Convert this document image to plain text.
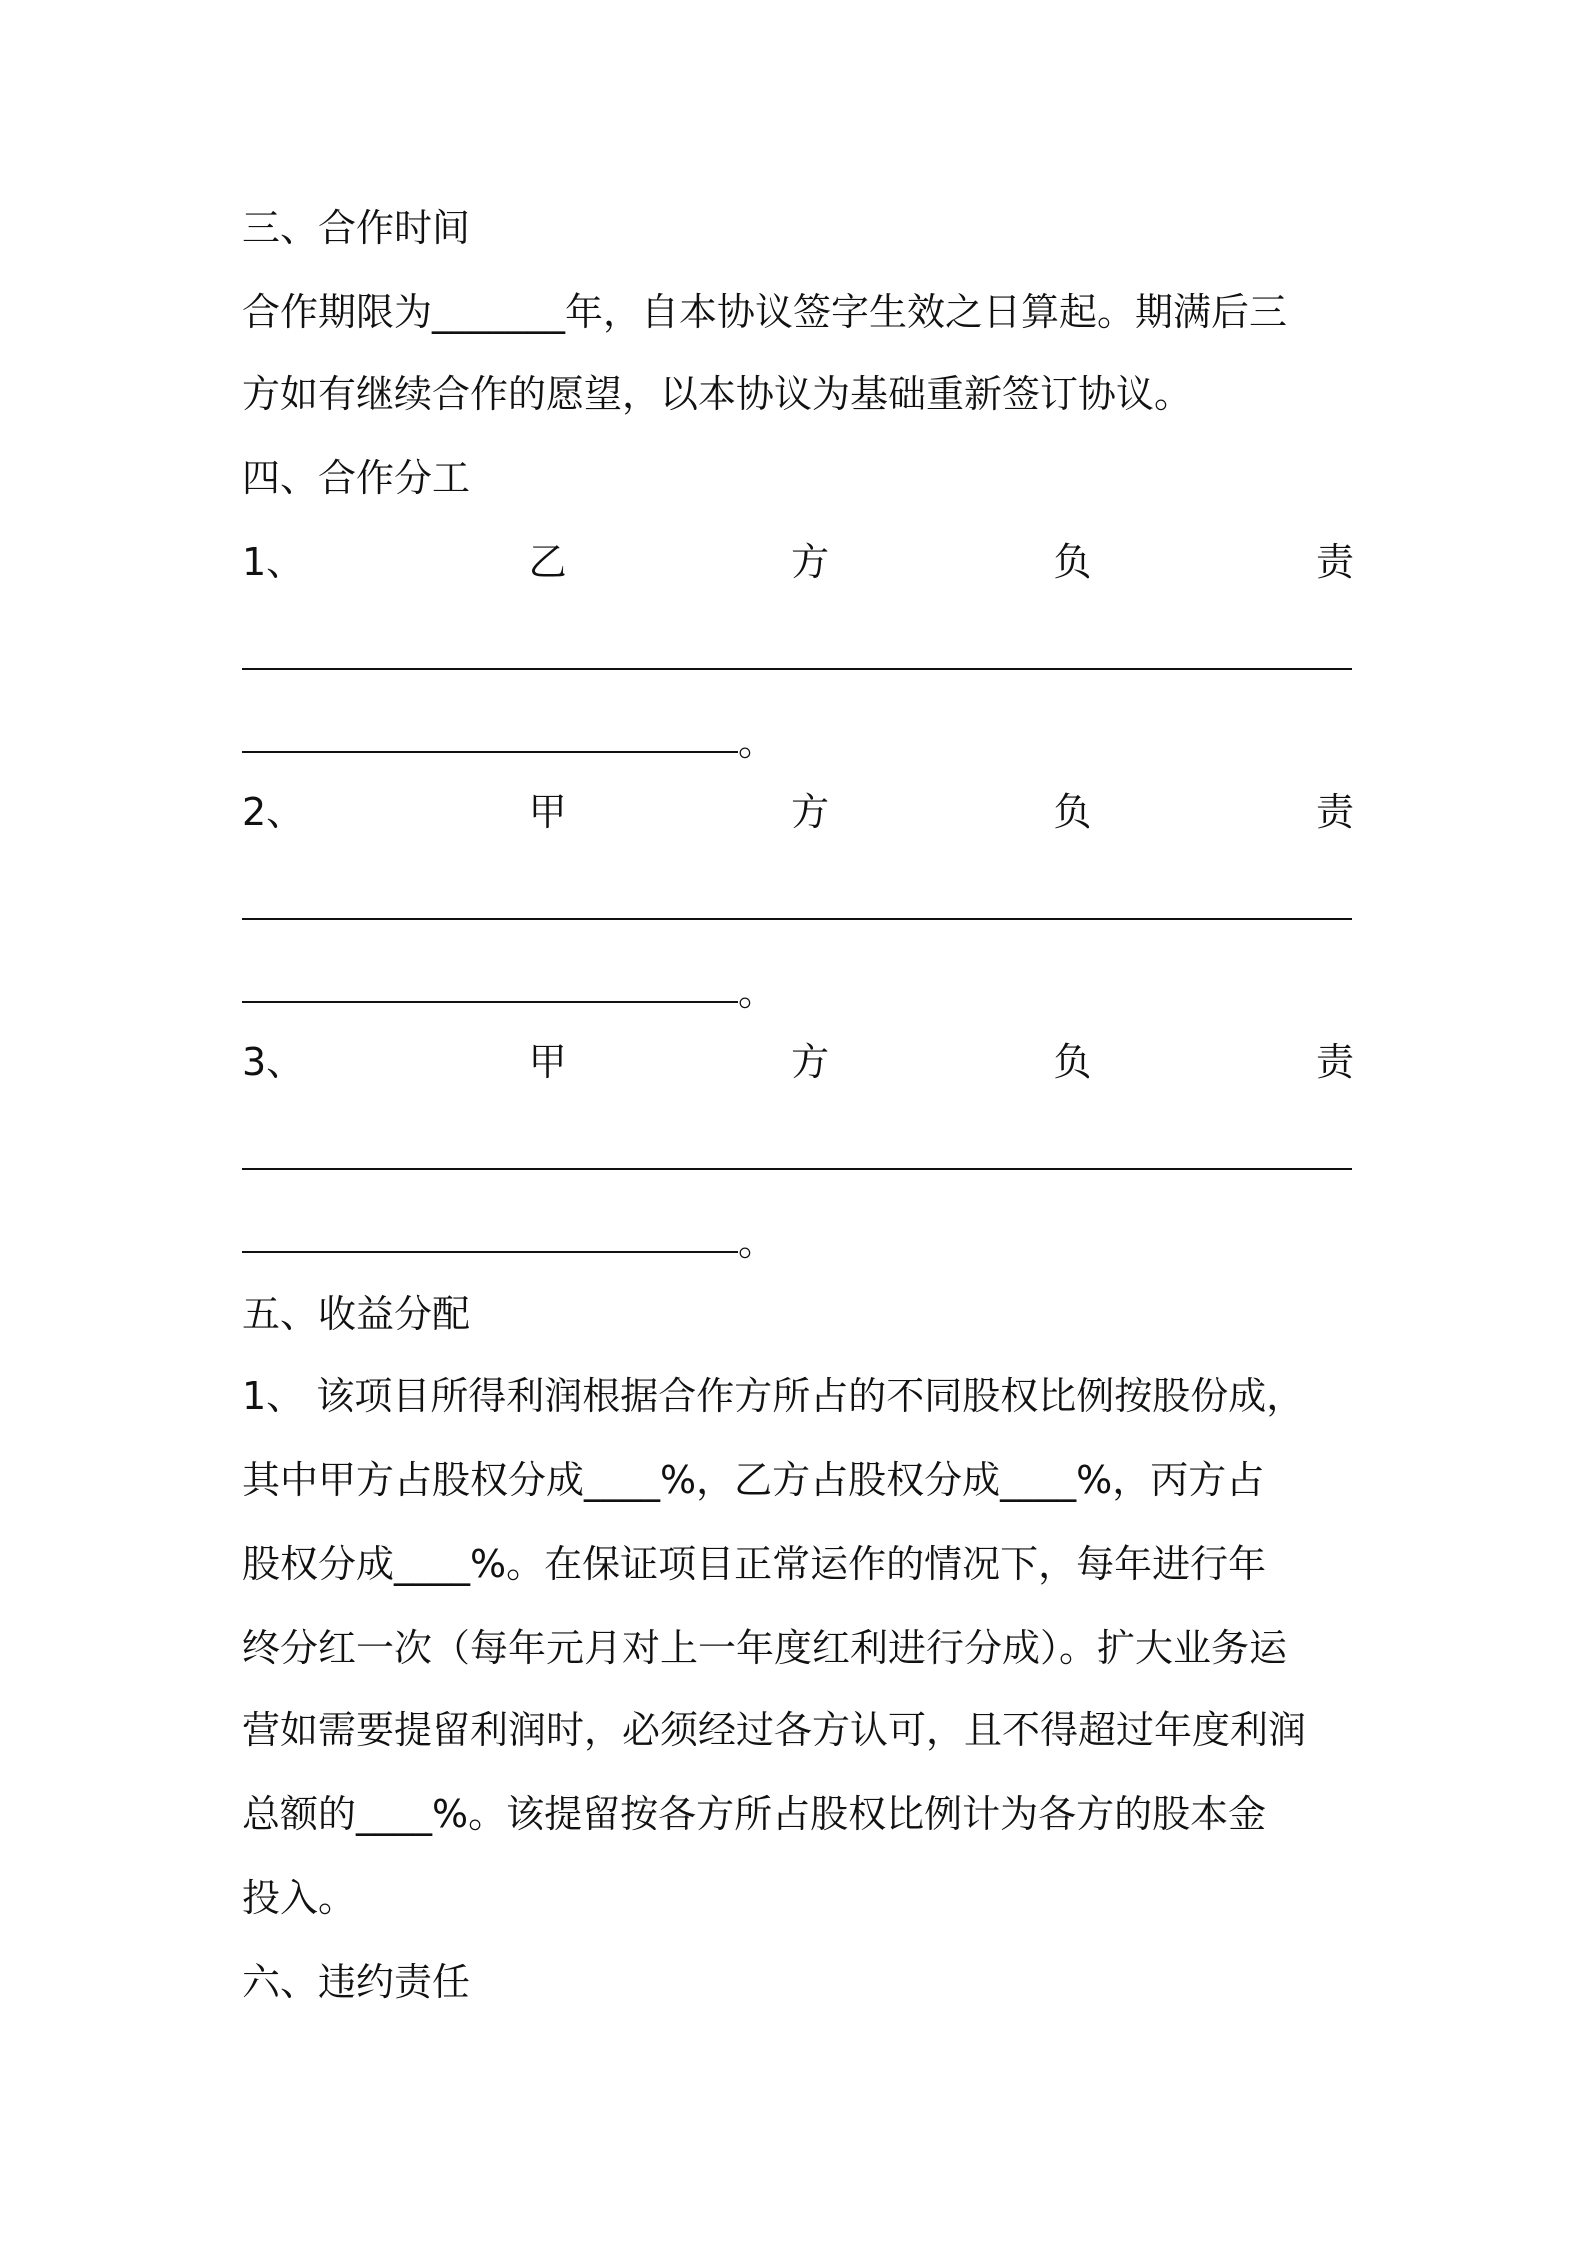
三、合作时间
合作期限为_______年，自本协议签字生效之日算起。期满后三
方如有继续合作的愿望，以本协议为基础重新签订协议。
四、合作分工
1、	乙	方	负	责
。
2、	甲	方	负	责
。
3、	甲	方	负	责
。
五、收益分配
1、 该项目所得利润根据合作方所占的不同股权比例按股份成，
其中甲方占股权分成____%，乙方占股权分成____%，丙方占
股权分成____%。在保证项目正常运作的情况下，每年进行年
终分红一次（每年元月对上一年度红利进行分成）。扩大业务运
营如需要提留利润时，必须经过各方认可，且不得超过年度利润
总额的____%。该提留按各方所占股权比例计为各方的股本金
投入。
六、违约责任
